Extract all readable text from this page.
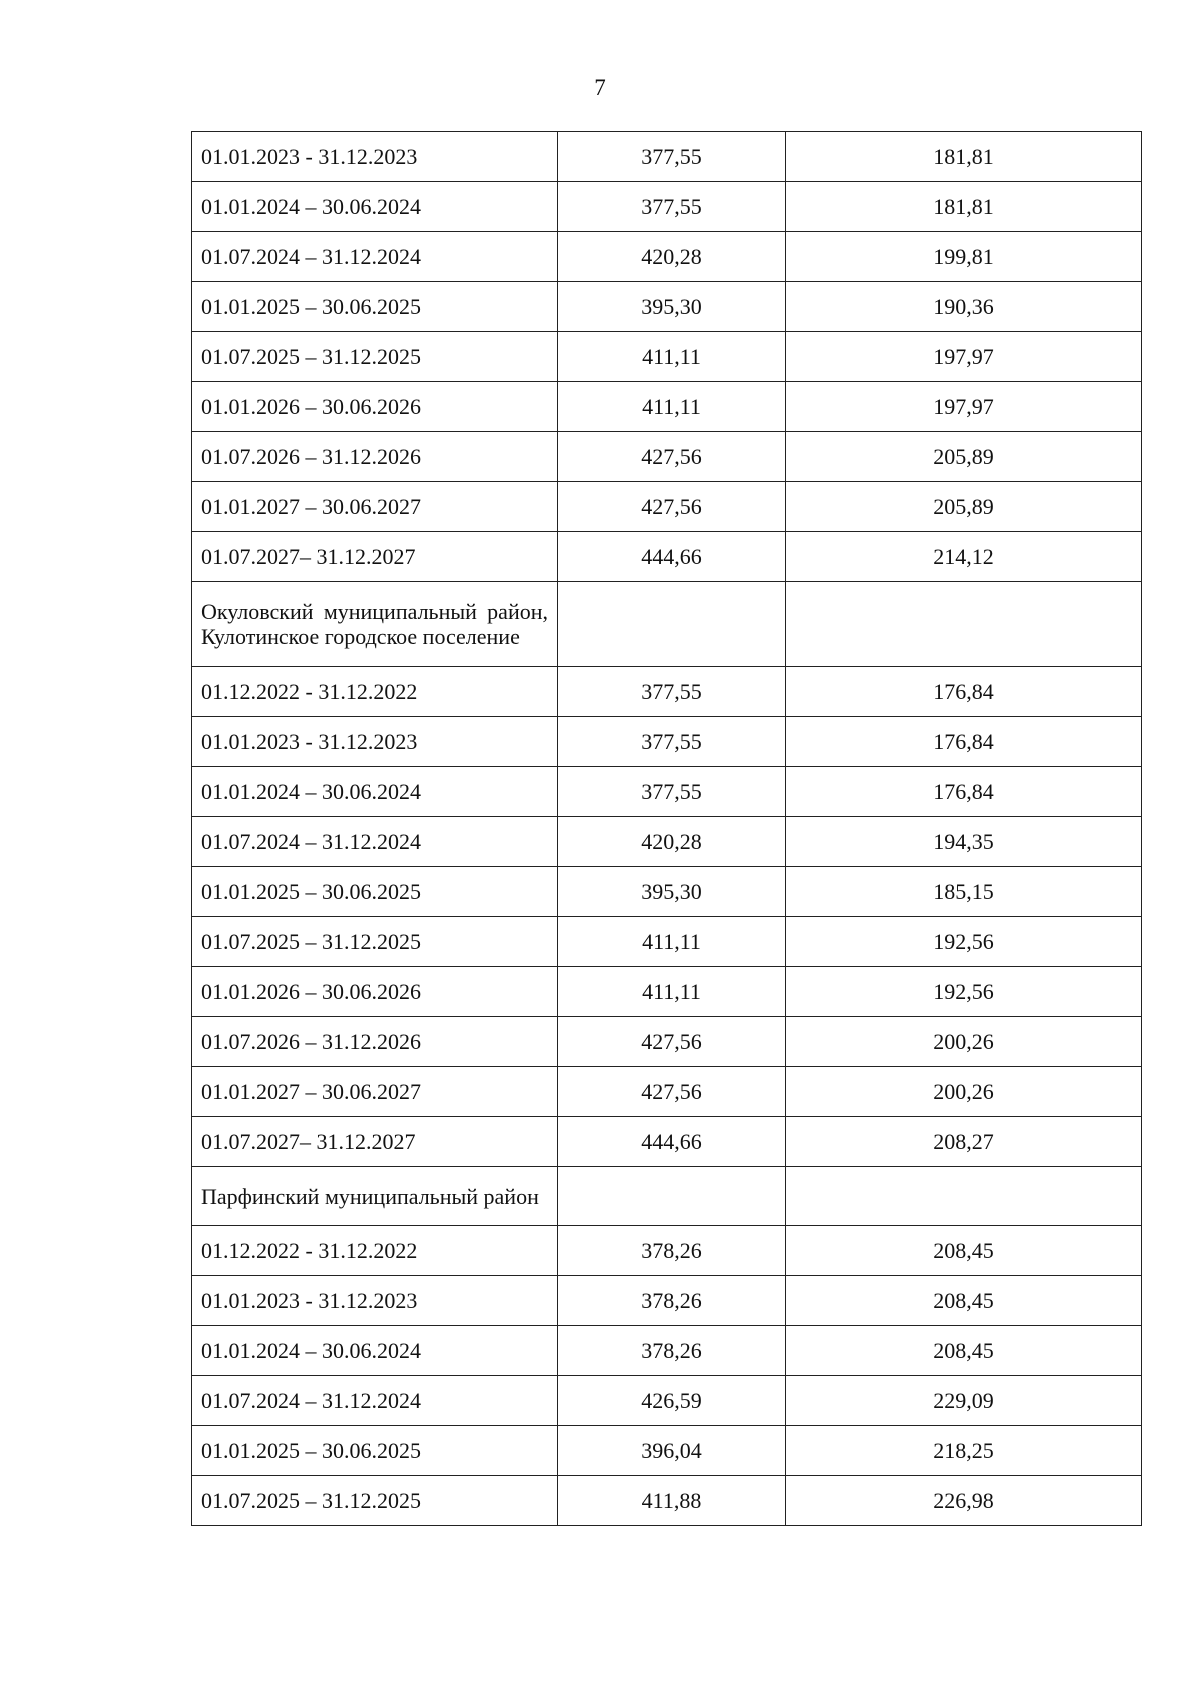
7
01.01.2023 - 31.12.2023	377,55	181,81
01.01.2024 – 30.06.2024	377,55	181,81
01.07.2024 – 31.12.2024	420,28	199,81
01.01.2025 – 30.06.2025	395,30	190,36
01.07.2025 – 31.12.2025	411,11	197,97
01.01.2026 – 30.06.2026	411,11	197,97
01.07.2026 – 31.12.2026	427,56	205,89
01.01.2027 – 30.06.2027	427,56	205,89
01.07.2027– 31.12.2027	444,66	214,12
Окуловский муниципальный район, Кулотинское городское поселение		
01.12.2022 - 31.12.2022	377,55	176,84
01.01.2023 - 31.12.2023	377,55	176,84
01.01.2024 – 30.06.2024	377,55	176,84
01.07.2024 – 31.12.2024	420,28	194,35
01.01.2025 – 30.06.2025	395,30	185,15
01.07.2025 – 31.12.2025	411,11	192,56
01.01.2026 – 30.06.2026	411,11	192,56
01.07.2026 – 31.12.2026	427,56	200,26
01.01.2027 – 30.06.2027	427,56	200,26
01.07.2027– 31.12.2027	444,66	208,27
Парфинский муниципальный район		
01.12.2022 - 31.12.2022	378,26	208,45
01.01.2023 - 31.12.2023	378,26	208,45
01.01.2024 – 30.06.2024	378,26	208,45
01.07.2024 – 31.12.2024	426,59	229,09
01.01.2025 – 30.06.2025	396,04	218,25
01.07.2025 – 31.12.2025	411,88	226,98
